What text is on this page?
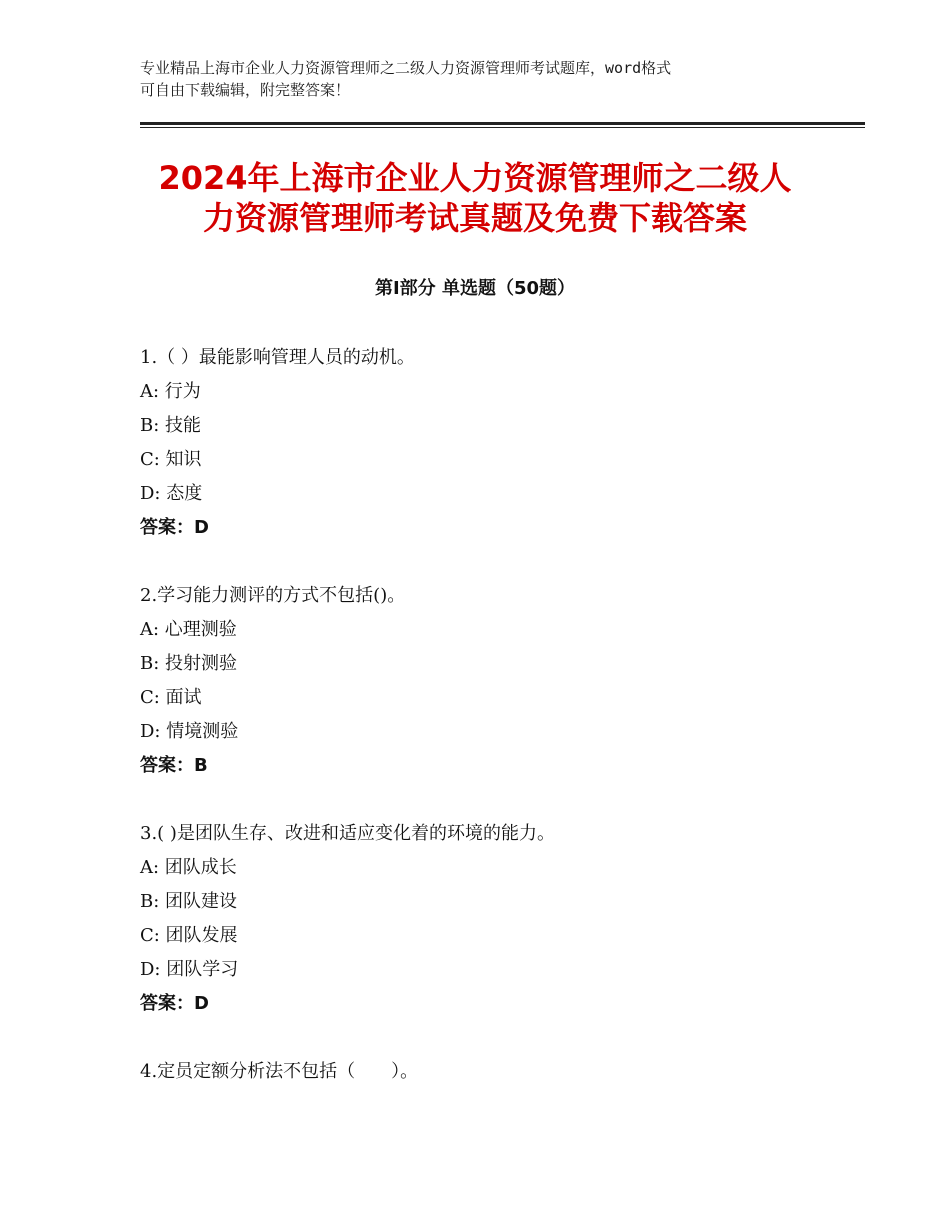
专业精品上海市企业人力资源管理师之二级人力资源管理师考试题库，word格式
可自由下载编辑，附完整答案！
2024年上海市企业人力资源管理师之二级人
力资源管理师考试真题及免费下载答案
第Ⅰ部分 单选题（50题）
1.（ ）最能影响管理人员的动机。
A: 行为
B: 技能
C: 知识
D: 态度
答案：D
2.学习能力测评的方式不包括()。
A: 心理测验
B: 投射测验
C: 面试
D: 情境测验
答案：B
3.( )是团队生存、改进和适应变化着的环境的能力。
A: 团队成长
B: 团队建设
C: 团队发展
D: 团队学习
答案：D
4.定员定额分析法不包括（　　）。
